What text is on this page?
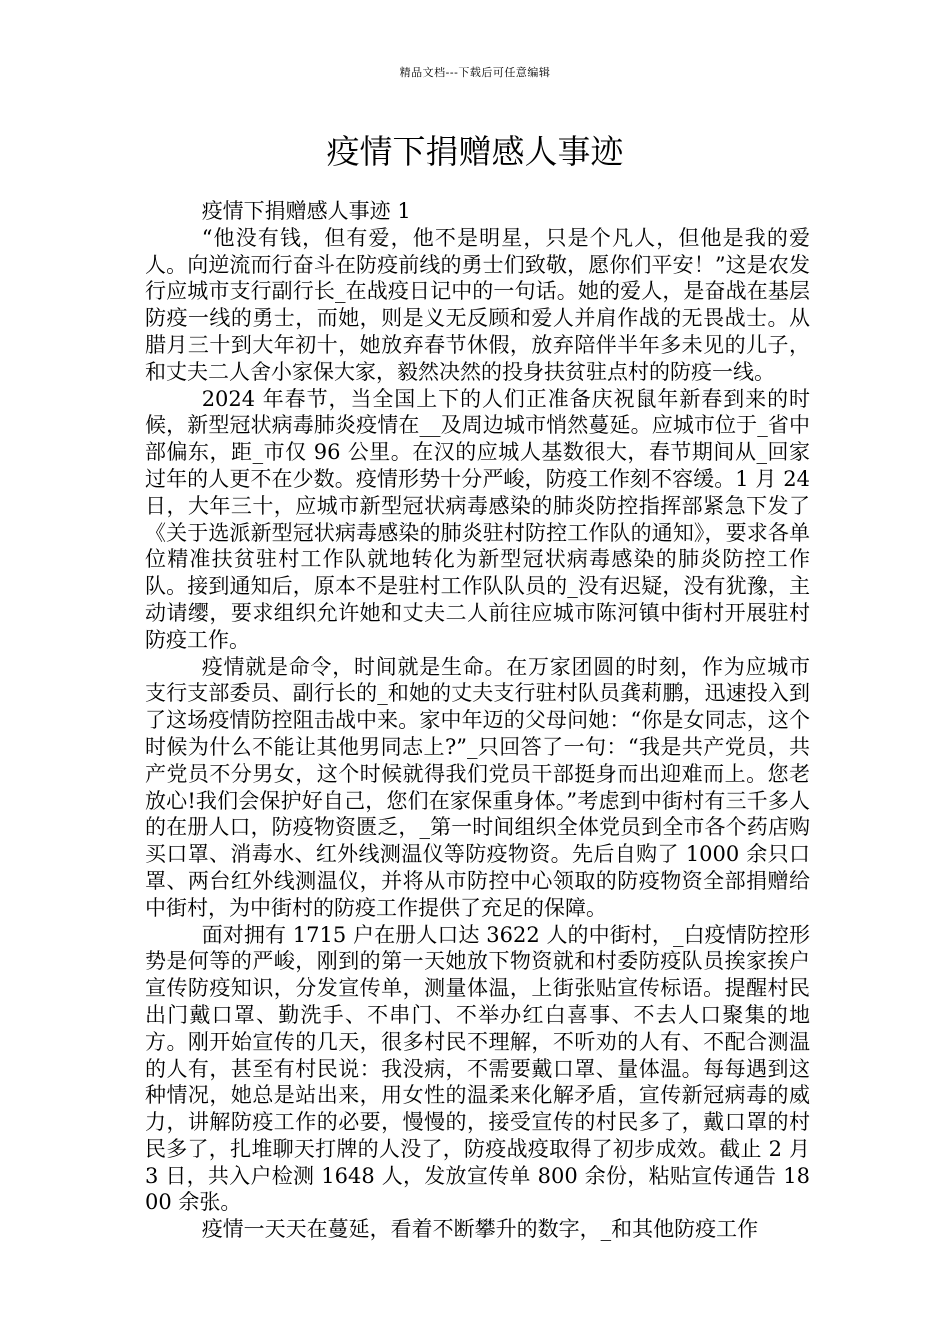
精品文档---下载后可任意编辑
疫情下捐赠感人事迹

疫情下捐赠感人事迹 1

“他没有钱，但有爱，他不是明星，只是个凡人，但他是我的爱人。向逆流而行奋斗在防疫前线的勇士们致敬，愿你们平安！”这是农发行应城市支行副行长_在战疫日记中的一句话。她的爱人，是奋战在基层防疫一线的勇士，而她，则是义无反顾和爱人并肩作战的无畏战士。从腊月三十到大年初十，她放弃春节休假，放弃陪伴半年多未见的儿子，和丈夫二人舍小家保大家，毅然决然的投身扶贫驻点村的防疫一线。

2024 年春节，当全国上下的人们正准备庆祝鼠年新春到来的时候，新型冠状病毒肺炎疫情在__及周边城市悄然蔓延。应城市位于_省中部偏东，距_市仅 96 公里。在汉的应城人基数很大，春节期间从_回家过年的人更不在少数。疫情形势十分严峻，防疫工作刻不容缓。1 月 24 日，大年三十，应城市新型冠状病毒感染的肺炎防控指挥部紧急下发了《关于选派新型冠状病毒感染的肺炎驻村防控工作队的通知》，要求各单位精准扶贫驻村工作队就地转化为新型冠状病毒感染的肺炎防控工作队。接到通知后，原本不是驻村工作队队员的_没有迟疑，没有犹豫，主动请缨，要求组织允许她和丈夫二人前往应城市陈河镇中街村开展驻村防疫工作。

疫情就是命令，时间就是生命。在万家团圆的时刻，作为应城市支行支部委员、副行长的_和她的丈夫支行驻村队员龚莉鹏，迅速投入到了这场疫情防控阻击战中来。家中年迈的父母问她：“你是女同志，这个时候为什么不能让其他男同志上?”_只回答了一句：“我是共产党员，共产党员不分男女，这个时候就得我们党员干部挺身而出迎难而上。您老放心!我们会保护好自己，您们在家保重身体。”考虑到中街村有三千多人的在册人口，防疫物资匮乏，_第一时间组织全体党员到全市各个药店购买口罩、消毒水、红外线测温仪等防疫物资。先后自购了 1000 余只口罩、两台红外线测温仪，并将从市防控中心领取的防疫物资全部捐赠给中街村，为中街村的防疫工作提供了充足的保障。

面对拥有 1715 户在册人口达 3622 人的中街村，_白疫情防控形势是何等的严峻，刚到的第一天她放下物资就和村委防疫队员挨家挨户宣传防疫知识，分发宣传单，测量体温，上街张贴宣传标语。提醒村民出门戴口罩、勤洗手、不串门、不举办红白喜事、不去人口聚集的地方。刚开始宣传的几天，很多村民不理解，不听劝的人有、不配合测温的人有，甚至有村民说：我没病，不需要戴口罩、量体温。每每遇到这种情况，她总是站出来，用女性的温柔来化解矛盾，宣传新冠病毒的威力，讲解防疫工作的必要，慢慢的，接受宣传的村民多了，戴口罩的村民多了，扎堆聊天打牌的人没了，防疫战疫取得了初步成效。截止 2 月 3 日，共入户检测 1648 人，发放宣传单 800 余份，粘贴宣传通告 1800 余张。

疫情一天天在蔓延，看着不断攀升的数字，_和其他防疫工作
